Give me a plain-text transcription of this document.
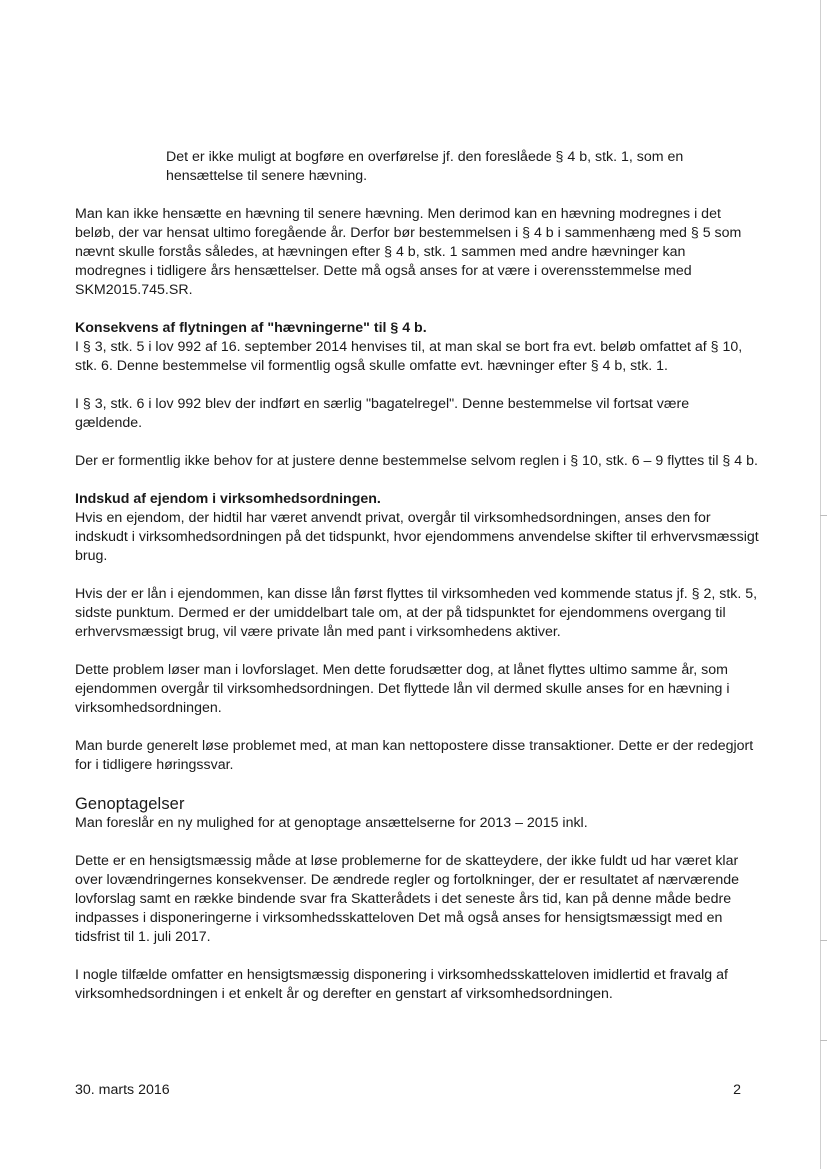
Det er ikke muligt at bogføre en overførelse jf. den foreslåede § 4 b, stk. 1, som en hensættelse til senere hævning.

Man kan ikke hensætte en hævning til senere hævning. Men derimod kan en hævning modregnes i det beløb, der var hensat ultimo foregående år. Derfor bør bestemmelsen i § 4 b i sammenhæng med § 5 som nævnt skulle forstås således, at hævningen efter § 4 b, stk. 1 sammen med andre hævninger kan modregnes i tidligere års hensættelser. Dette må også anses for at være i overensstemmelse med SKM2015.745.SR.

Konsekvens af flytningen af "hævningerne" til § 4 b.

I § 3, stk. 5 i lov 992 af 16. september 2014 henvises til, at man skal se bort fra evt. beløb omfattet af § 10, stk. 6. Denne bestemmelse vil formentlig også skulle omfatte evt. hævninger efter § 4 b, stk. 1.

I § 3, stk. 6 i lov 992 blev der indført en særlig "bagatelregel". Denne bestemmelse vil fortsat være gældende.

Der er formentlig ikke behov for at justere denne bestemmelse selvom reglen i § 10, stk. 6 – 9 flyttes til § 4 b.

Indskud af ejendom i virksomhedsordningen.

Hvis en ejendom, der hidtil har været anvendt privat, overgår til virksomhedsordningen, anses den for indskudt i virksomhedsordningen på det tidspunkt, hvor ejendommens anvendelse skifter til erhvervsmæssigt brug.

Hvis der er lån i ejendommen, kan disse lån først flyttes til virksomheden ved kommende status jf. § 2, stk. 5, sidste punktum. Dermed er der umiddelbart tale om, at der på tidspunktet for ejendommens overgang til erhvervsmæssigt brug, vil være private lån med pant i virksomhedens aktiver.

Dette problem løser man i lovforslaget. Men dette forudsætter dog, at lånet flyttes ultimo samme år, som ejendommen overgår til virksomhedsordningen. Det flyttede lån vil dermed skulle anses for en hævning i virksomhedsordningen.

Man burde generelt løse problemet med, at man kan nettopostere disse transaktioner. Dette er der redegjort for i tidligere høringssvar.

Genoptagelser

Man foreslår en ny mulighed for at genoptage ansættelserne for 2013 – 2015 inkl.

Dette er en hensigtsmæssig måde at løse problemerne for de skatteydere, der ikke fuldt ud har været klar over lovændringernes konsekvenser. De ændrede regler og fortolkninger, der er resultatet af nærværende lovforslag samt en række bindende svar fra Skatterådets i det seneste års tid, kan på denne måde bedre indpasses i disponeringerne i virksomhedsskatteloven Det må også anses for hensigtsmæssigt med en tidsfrist til 1. juli 2017.

I nogle tilfælde omfatter en hensigtsmæssig disponering i virksomhedsskatteloven imidlertid et fravalg af virksomhedsordningen i et enkelt år og derefter en genstart af virksomhedsordningen.

30. marts 2016	2
